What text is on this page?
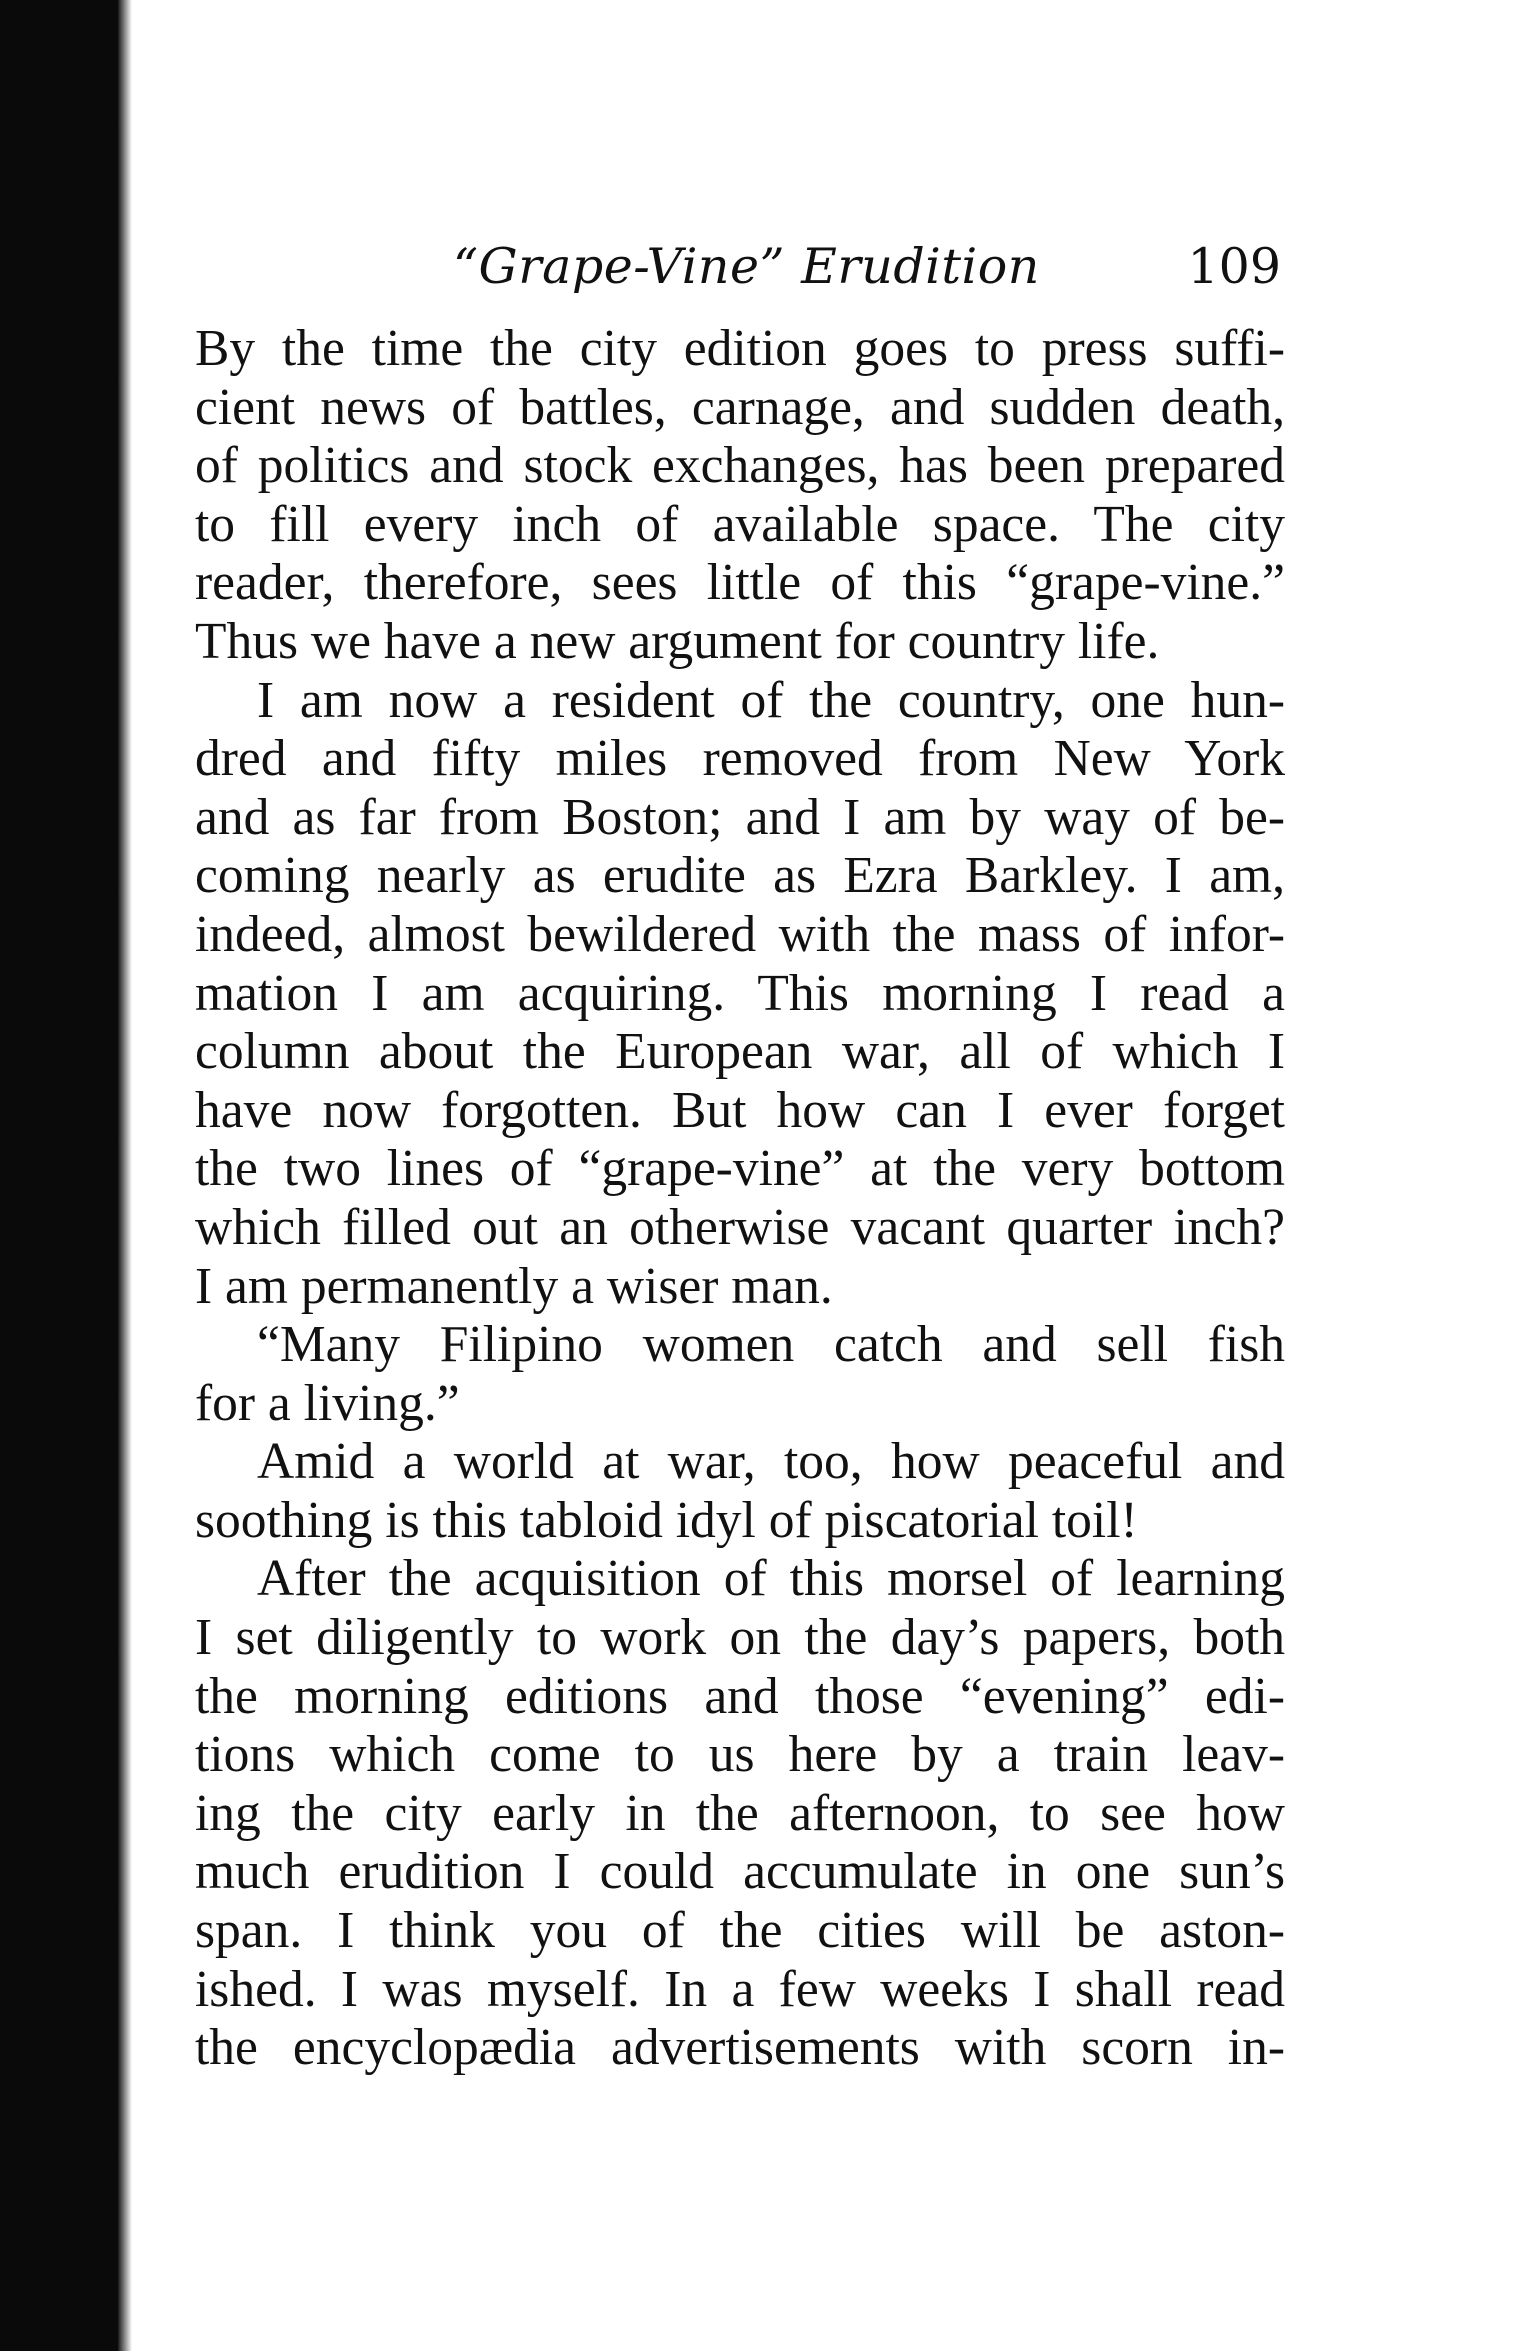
“Grape-Vine” Erudition	109
By the time the city edition goes to press suffi-
cient news of battles, carnage, and sudden death,
of politics and stock exchanges, has been prepared
to fill every inch of available space. The city
reader, therefore, sees little of this “grape-vine.”
Thus we have a new argument for country life.
I am now a resident of the country, one hun-
dred and fifty miles removed from New York
and as far from Boston; and I am by way of be-
coming nearly as erudite as Ezra Barkley. I am,
indeed, almost bewildered with the mass of infor-
mation I am acquiring. This morning I read a
column about the European war, all of which I
have now forgotten. But how can I ever forget
the two lines of “grape-vine” at the very bottom
which filled out an otherwise vacant quarter inch?
I am permanently a wiser man.
“Many Filipino women catch and sell fish
for a living.”
Amid a world at war, too, how peaceful and
soothing is this tabloid idyl of piscatorial toil!
After the acquisition of this morsel of learning
I set diligently to work on the day’s papers, both
the morning editions and those “evening” edi-
tions which come to us here by a train leav-
ing the city early in the afternoon, to see how
much erudition I could accumulate in one sun’s
span. I think you of the cities will be aston-
ished. I was myself. In a few weeks I shall read
the encyclopædia advertisements with scorn in-
